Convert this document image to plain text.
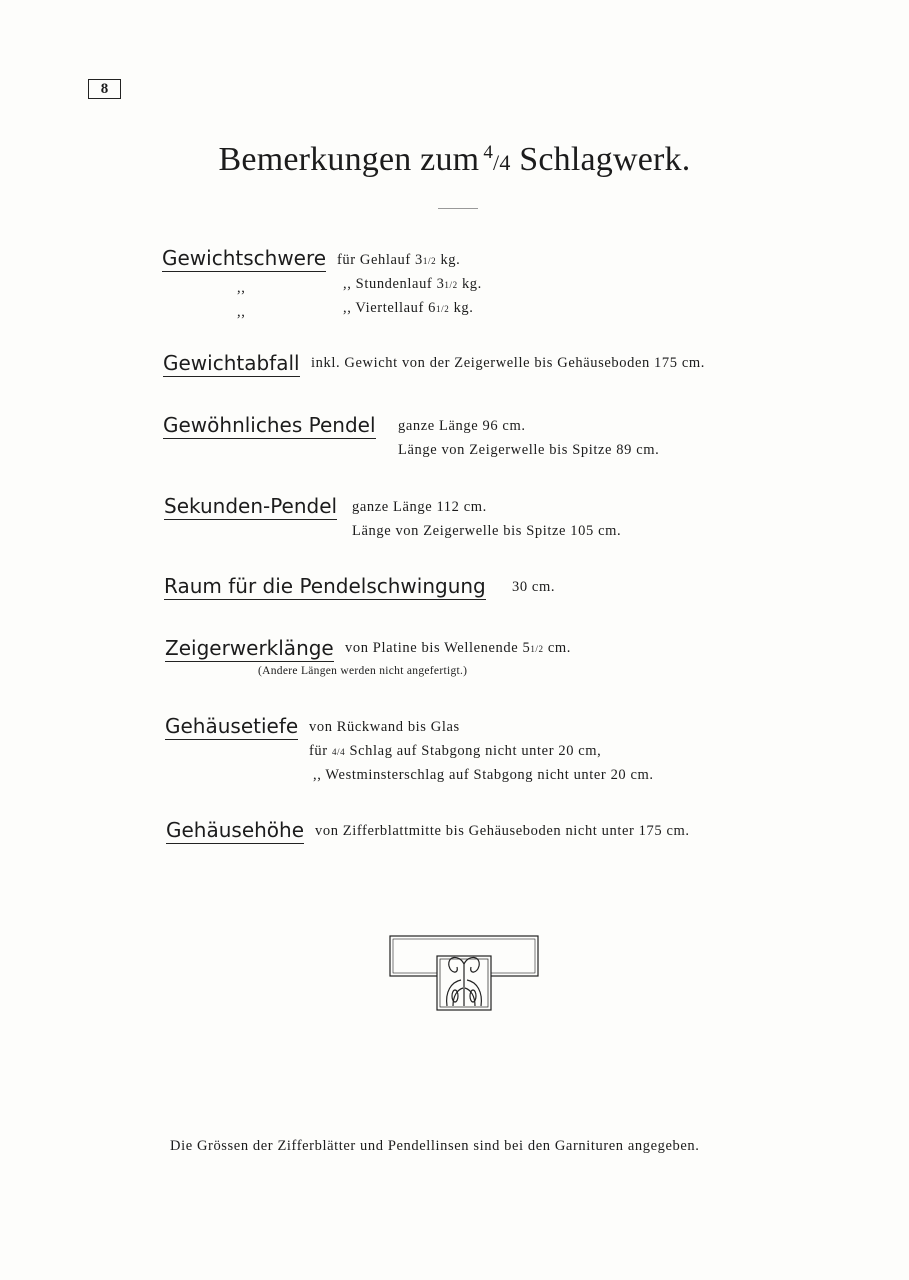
8
Bemerkungen zum $^4$/4 Schlagwerk.
Gewichtschwere für Gehlauf 31/2 kg.
,,	,, Stundenlauf 31/2 kg.
,,	,, Viertellauf 61/2 kg.
Gewichtabfall inkl. Gewicht von der Zeigerwelle bis Gehäuseboden 175 cm.
Gewöhnliches Pendel ganze Länge 96 cm.
Länge von Zeigerwelle bis Spitze 89 cm.
Sekunden-Pendel ganze Länge 112 cm.
Länge von Zeigerwelle bis Spitze 105 cm.
Raum für die Pendelschwingung 30 cm.
Zeigerwerklänge von Platine bis Wellenende 51/2 cm.
(Andere Längen werden nicht angefertigt.)
Gehäusetiefe von Rückwand bis Glas
für 4/4 Schlag auf Stabgong nicht unter 20 cm,
,, Westminsterschlag auf Stabgong nicht unter 20 cm.
Gehäusehöhe von Zifferblattmitte bis Gehäuseboden nicht unter 175 cm.
Die Grössen der Zifferblätter und Pendellinsen sind bei den Garnituren angegeben.
